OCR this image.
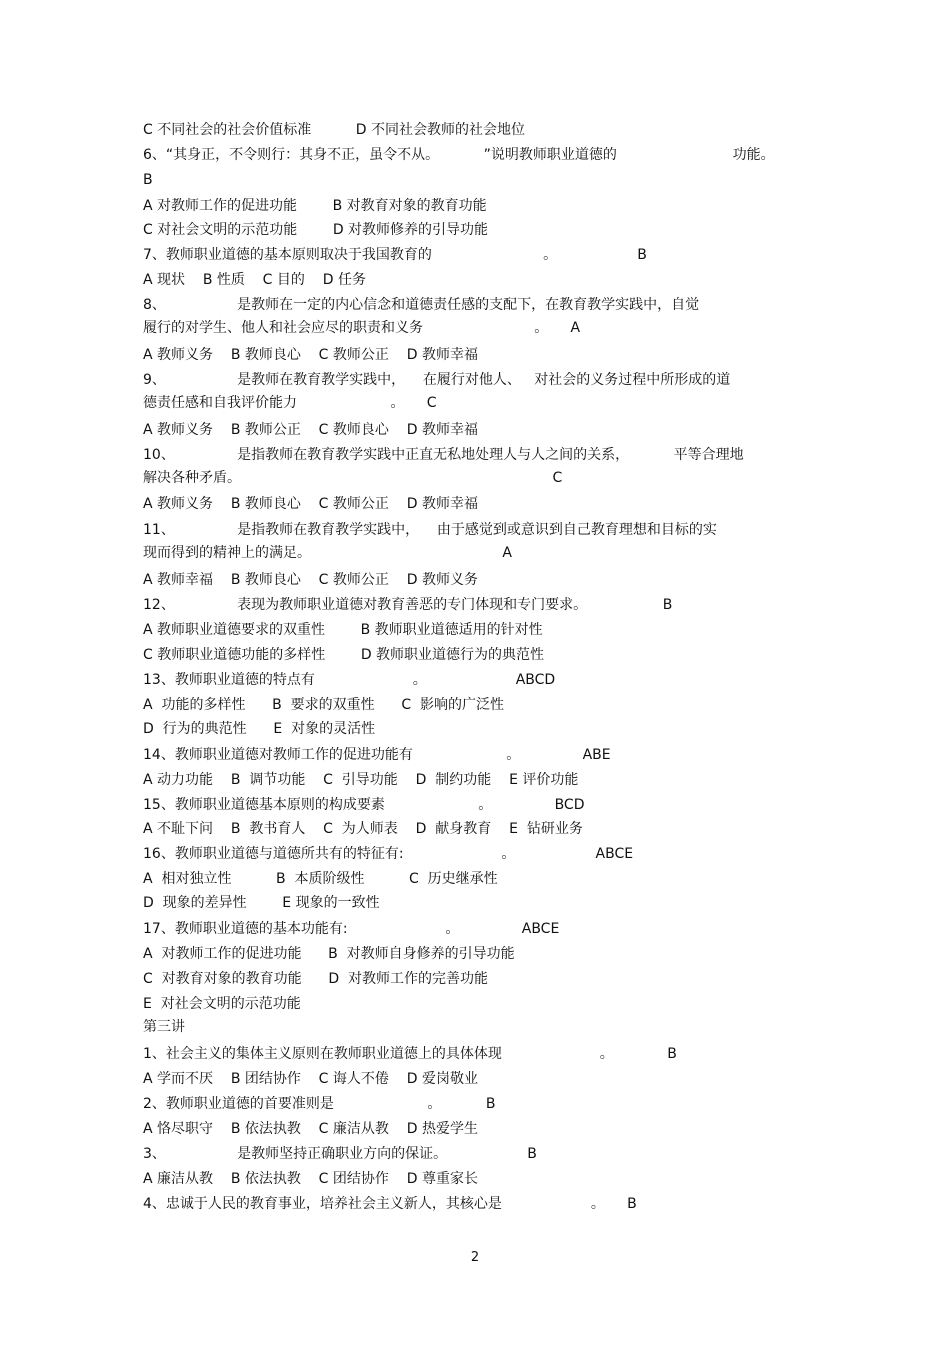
C 不同社会的社会价值标准          D 不同社会教师的社会地位
6、“其身正，不令则行：其身不正，虽令不从。          ”说明教师职业道德的                          功能。
B
A 对教师工作的促进功能        B 对教育对象的教育功能
C 对社会文明的示范功能        D 对教师修养的引导功能
7、教师职业道德的基本原则取决于我国教育的                         。                  B
A 现状    B 性质    C 目的    D 任务
8、                是教师在一定的内心信念和道德责任感的支配下，在教育教学实践中，自觉
履行的对学生、他人和社会应尽的职责和义务                         。     A
A 教师义务    B 教师良心    C 教师公正    D 教师幸福
9、                是教师在教育教学实践中，    在履行对他人、   对社会的义务过程中所形成的道
德责任感和自我评价能力                     。     C
A 教师义务    B 教师公正    C 教师良心    D 教师幸福
10、              是指教师在教育教学实践中正直无私地处理人与人之间的关系，          平等合理地
解决各种矛盾。                                                                      C
A 教师义务    B 教师良心    C 教师公正    D 教师幸福
11、              是指教师在教育教学实践中，    由于感觉到或意识到自己教育理想和目标的实
现而得到的精神上的满足。                                           A
A 教师幸福    B 教师良心    C 教师公正    D 教师义务
12、              表现为教师职业道德对教育善恶的专门体现和专门要求。                 B
A 教师职业道德要求的双重性        B 教师职业道德适用的针对性
C 教师职业道德功能的多样性        D 教师职业道德行为的典范性
13、教师职业道德的特点有                      。                    ABCD
A  功能的多样性      B  要求的双重性      C  影响的广泛性
D  行为的典范性      E  对象的灵活性
14、教师职业道德对教师工作的促进功能有                     。              ABE
A 动力功能    B  调节功能    C  引导功能    D  制约功能    E 评价功能
15、教师职业道德基本原则的构成要素                     。              BCD
A 不耻下问    B  教书育人    C  为人师表    D  献身教育    E  钻研业务
16、教师职业道德与道德所共有的特征有:                      。                  ABCE
A  相对独立性          B  本质阶级性          C  历史继承性
D  现象的差异性        E 现象的一致性
17、教师职业道德的基本功能有:                      。              ABCE
A  对教师工作的促进功能      B  对教师自身修养的引导功能
C  对教育对象的教育功能      D  对教师工作的完善功能
E  对社会文明的示范功能
第三讲
1、社会主义的集体主义原则在教师职业道德上的具体体现                      。            B
A 学而不厌    B 团结协作    C 诲人不倦    D 爱岗敬业
2、教师职业道德的首要准则是                     。          B
A 恪尽职守    B 依法执教    C 廉洁从教    D 热爱学生
3、                是教师坚持正确职业方向的保证。                  B
A 廉洁从教    B 依法执教    C 团结协作    D 尊重家长
4、忠诚于人民的教育事业，培养社会主义新人，其核心是                    。     B
2
